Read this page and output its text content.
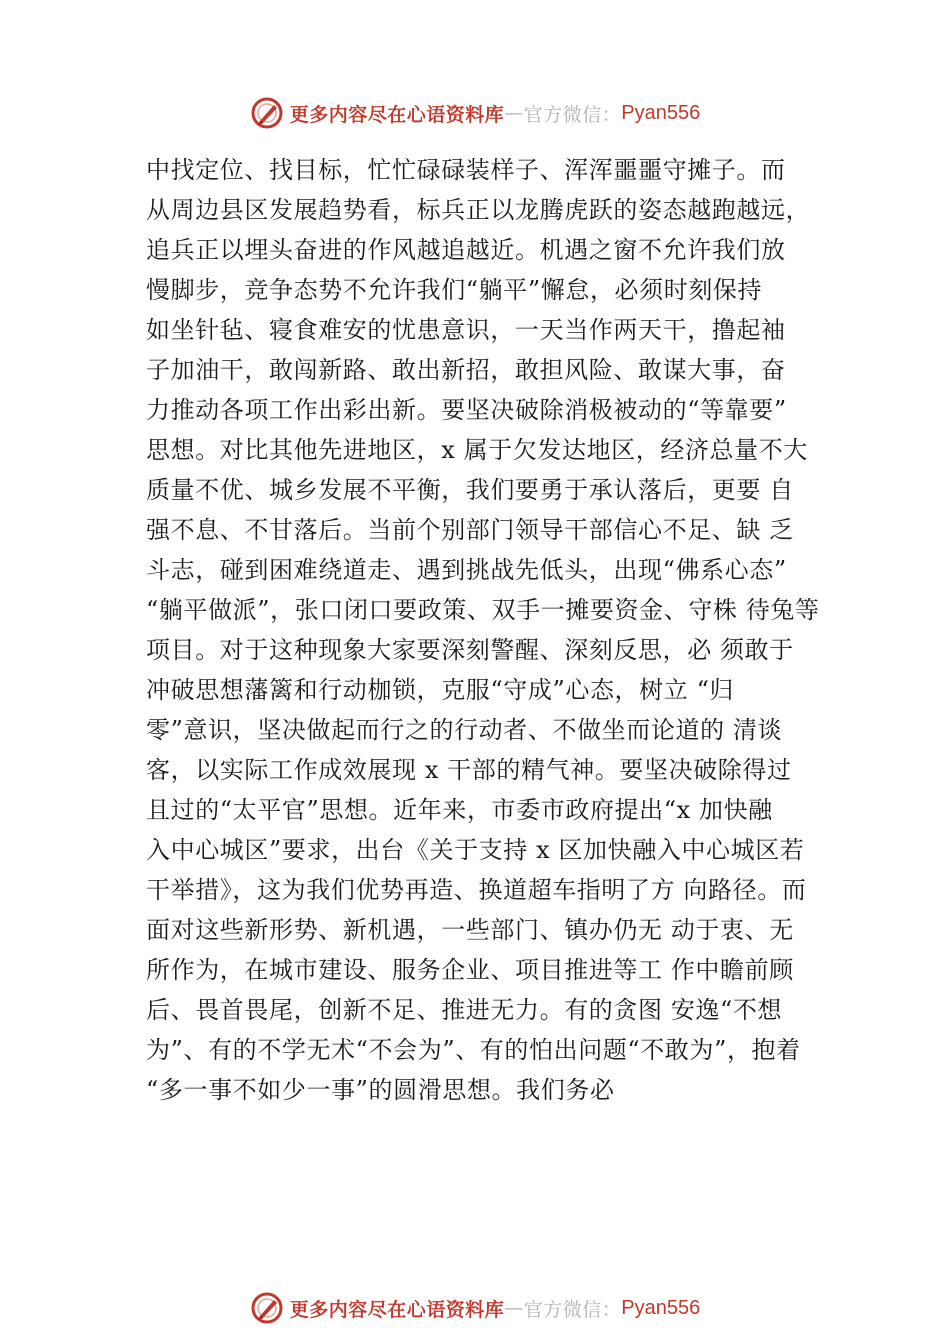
更多内容尽在心语资料库 — 官方微信： Pyan556
中找定位、找目标，忙忙碌碌装样子、浑浑噩噩守摊子。而
从周边县区发展趋势看，标兵正以龙腾虎跃的姿态越跑越远，
追兵正以埋头奋进的作风越追越近。机遇之窗不允许我们放
慢脚步，竞争态势不允许我们“躺平”懈怠，必须时刻保持
如坐针毡、寝食难安的忧患意识，一天当作两天干，撸起袖
子加油干，敢闯新路、敢出新招，敢担风险、敢谋大事，奋
力推动各项工作出彩出新。要坚决破除消极被动的“等靠要”
思想。对比其他先进地区，x 属于欠发达地区，经济总量不大
质量不优、城乡发展不平衡，我们要勇于承认落后，更要 自
强不息、不甘落后。当前个别部门领导干部信心不足、缺 乏
斗志，碰到困难绕道走、遇到挑战先低头，出现“佛系心态”
“躺平做派”，张口闭口要政策、双手一摊要资金、守株 待兔等
项目。对于这种现象大家要深刻警醒、深刻反思，必 须敢于
冲破思想藩篱和行动枷锁，克服“守成”心态，树立 “归
零”意识，坚决做起而行之的行动者、不做坐而论道的 清谈
客，以实际工作成效展现 x 干部的精气神。要坚决破除得过
且过的“太平官”思想。近年来，市委市政府提出“x 加快融
入中心城区”要求，出台《关于支持 x 区加快融入中心城区若
干举措》，这为我们优势再造、换道超车指明了方 向路径。而
面对这些新形势、新机遇，一些部门、镇办仍无 动于衷、无
所作为，在城市建设、服务企业、项目推进等工 作中瞻前顾
后、畏首畏尾，创新不足、推进无力。有的贪图 安逸“不想
为”、有的不学无术“不会为”、有的怕出问题“不敢为”，抱着
“多一事不如少一事”的圆滑思想。我们务必
更多内容尽在心语资料库 — 官方微信： Pyan556
